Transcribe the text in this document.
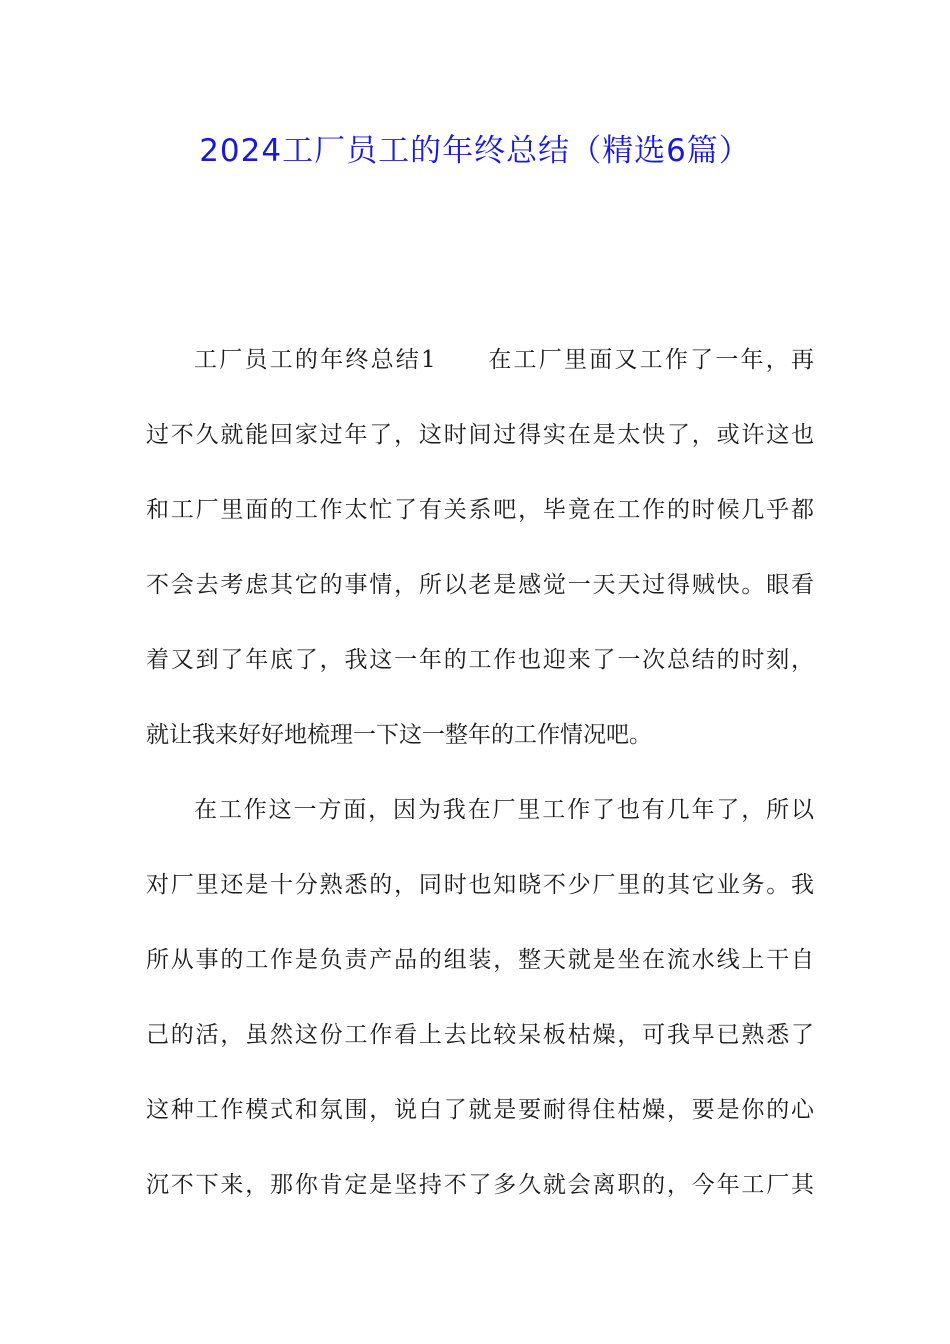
2024工厂员工的年终总结（精选6篇）
工厂员工的年终总结1　　在工厂里面又工作了一年，再
过不久就能回家过年了，这时间过得实在是太快了，或许这也
和工厂里面的工作太忙了有关系吧，毕竟在工作的时候几乎都
不会去考虑其它的事情，所以老是感觉一天天过得贼快。眼看
着又到了年底了，我这一年的工作也迎来了一次总结的时刻，
就让我来好好地梳理一下这一整年的工作情况吧。
在工作这一方面，因为我在厂里工作了也有几年了，所以
对厂里还是十分熟悉的，同时也知晓不少厂里的其它业务。我
所从事的工作是负责产品的组装，整天就是坐在流水线上干自
己的活，虽然这份工作看上去比较呆板枯燥，可我早已熟悉了
这种工作模式和氛围，说白了就是要耐得住枯燥，要是你的心
沉不下来，那你肯定是坚持不了多久就会离职的，今年工厂其
